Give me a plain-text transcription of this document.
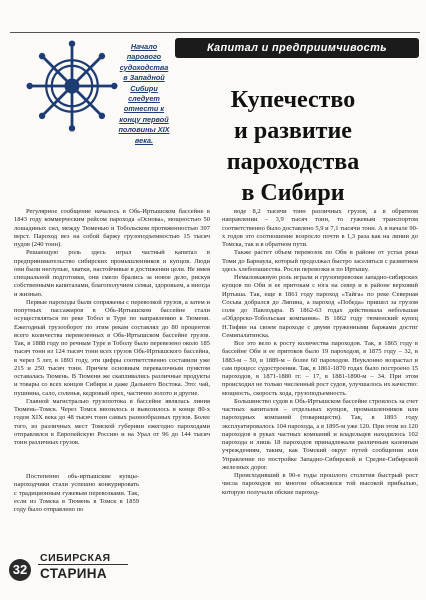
Капитал и предприимчивость
Начало парового судоходства в Западной Сибири следует отнести к концу первой половины XIX века.
Купечество
и развитие пароходства
в Сибири

Регулярное сообщение началось в Обь-Иртышском бассейне в 1843 году коммерческим рейсом парохода «Основа», мощностью 50 лошадиных сил, между Тюменью и Тобольском протяженностью 397 верст. Пароход вез на собой баржу грузоподъемностью 15 тысяч пудов (240 тонн).

Решающую роль здесь играл частный капитал в предпринимательство сибирских промышленников и купцов. Люди они были неглупые, хватки, настойчивые в достижении цели. Не имея специальной подготовки, они смело брались за новое дело, рискуя собственными капиталами, благополучием семьи, здоровьем, а иногда и жизнью.

Первые пароходы были сопряжены с перевозкой грузов, а затем и попутных пассажиров в Обь-Иртышском бассейне стали осуществляться по реке Тобол и Туре по направлению к Тюмени. Ежегодный грузооборот по этим рекам составлял до 80 процентов всего количества перевезенных в Обь-Иртышском бассейне грузов. Так, в 1888 году по речным Туре и Тоболу было перевезено около 185 тысяч тонн из 124 тысяч тонн всех грузов Обь-Иртышского бассейна, в через 5 лет, в 1893 году, эти цифры соответственно составили уже 215 и 250 тысяч тонн. Причем основным перевалочным пунктом оставалась Тюмень. В Тюмени же скапливались различные продукты и товары со всех концов Сибири и даже Дальнего Востока. Это: чай, пушнина, сало, соленья, кедровый орех, частично золото и другие.

Главной магистралью грузопотока в бассейне являлась линия Тюмень–Томск. Через Томск ввозилось и вывозилось в конце 80-х годов XIX века до 48 тысяч тонн самых разнообразных грузов. Более того, из различных мест Томской губернии ежегодно пароходами отправлялся в Европейскую Россию и на Урал от 96 до 144 тысяч тонн различных грузов.

Постепенно обь-иртышские купцы-пароходчики стали успешно конкурировать с традиционным гужевым перевозками. Так, если из Томска в Тюмень в Томск в 1859 году было отправлено по

воде 8,2 тысячи тонн различных грузов, а в обратном направлении – 3,9 тысяч тонн, то гужевым транспортом соответственно было доставлено 5,9 и 7,1 тысячи тонн. А в начале 90-х годов это соотношение возросло почти в 1,3 раза как на линии до Томска, так и в обратном пути.

Также растет объем перевозок по Оби в районе от устья реки Томи до Барнаула, который продолжал быстро заселяться с развитием здесь хлебопашества. Росли перевозки и по Иртышу.

Немаловажную роль играли и грузоперевозки западно-сибирских купцов по Оби и ее притокам с юга на север и в районе верховий Иртыша. Так, еще в 1861 году пароход «Тайга» по реке Северная Сосьва добрался до Ляпина, а пароход «Победа» пришел за грузом соли до Павлодара. В 1862-63 годах действовала небольшая «Обдорско-Тобольская компания». В 1862 году тюменский купец Н.Тифин на своем пароходе с двумя груженными баржами достиг Семипалатинска.

Все это вело к росту количества пароходов. Так, в 1865 году в бассейне Оби и ее притоков было 19 пароходов, в 1875 году – 32, в 1883-м – 50, в 1889-м – более 60 пароходов. Неуклонно возрастал и сам процесс судостроения. Так, в 1861-1870 годах было построено 15 пароходов, в 1871-1880 гг. – 17, в 1881-1890-м – 34. При этом происходил не только численный рост судов, улучшалось их качество: мощность, скорость хода, грузоподъемность.

Большинство судов в Обь-Иртышском бассейне строилось за счет частных капиталов – отдельных купцов, промышленников или пароходных компаний (товариществ). Так, в 1893 году эксплуатировалось 104 парохода, а в 1895-м уже 120. При этом из 120 пароходов в руках частных компаний и владельцев находилось 102 парохода и лишь 18 пароходов принадлежали различным казенным учреждениям, таким, как Томский округ путей сообщения или Управление по постройке Западно-Сибирской и Средне-Сибирской железных дорог.

Происходивший в 90-е годы прошлого столетия быстрый рост числа пароходов во многом объяснялся той высокой прибылью, которую получали обские пароход-

32
СИБИРСКАЯ
СТАРИНА
